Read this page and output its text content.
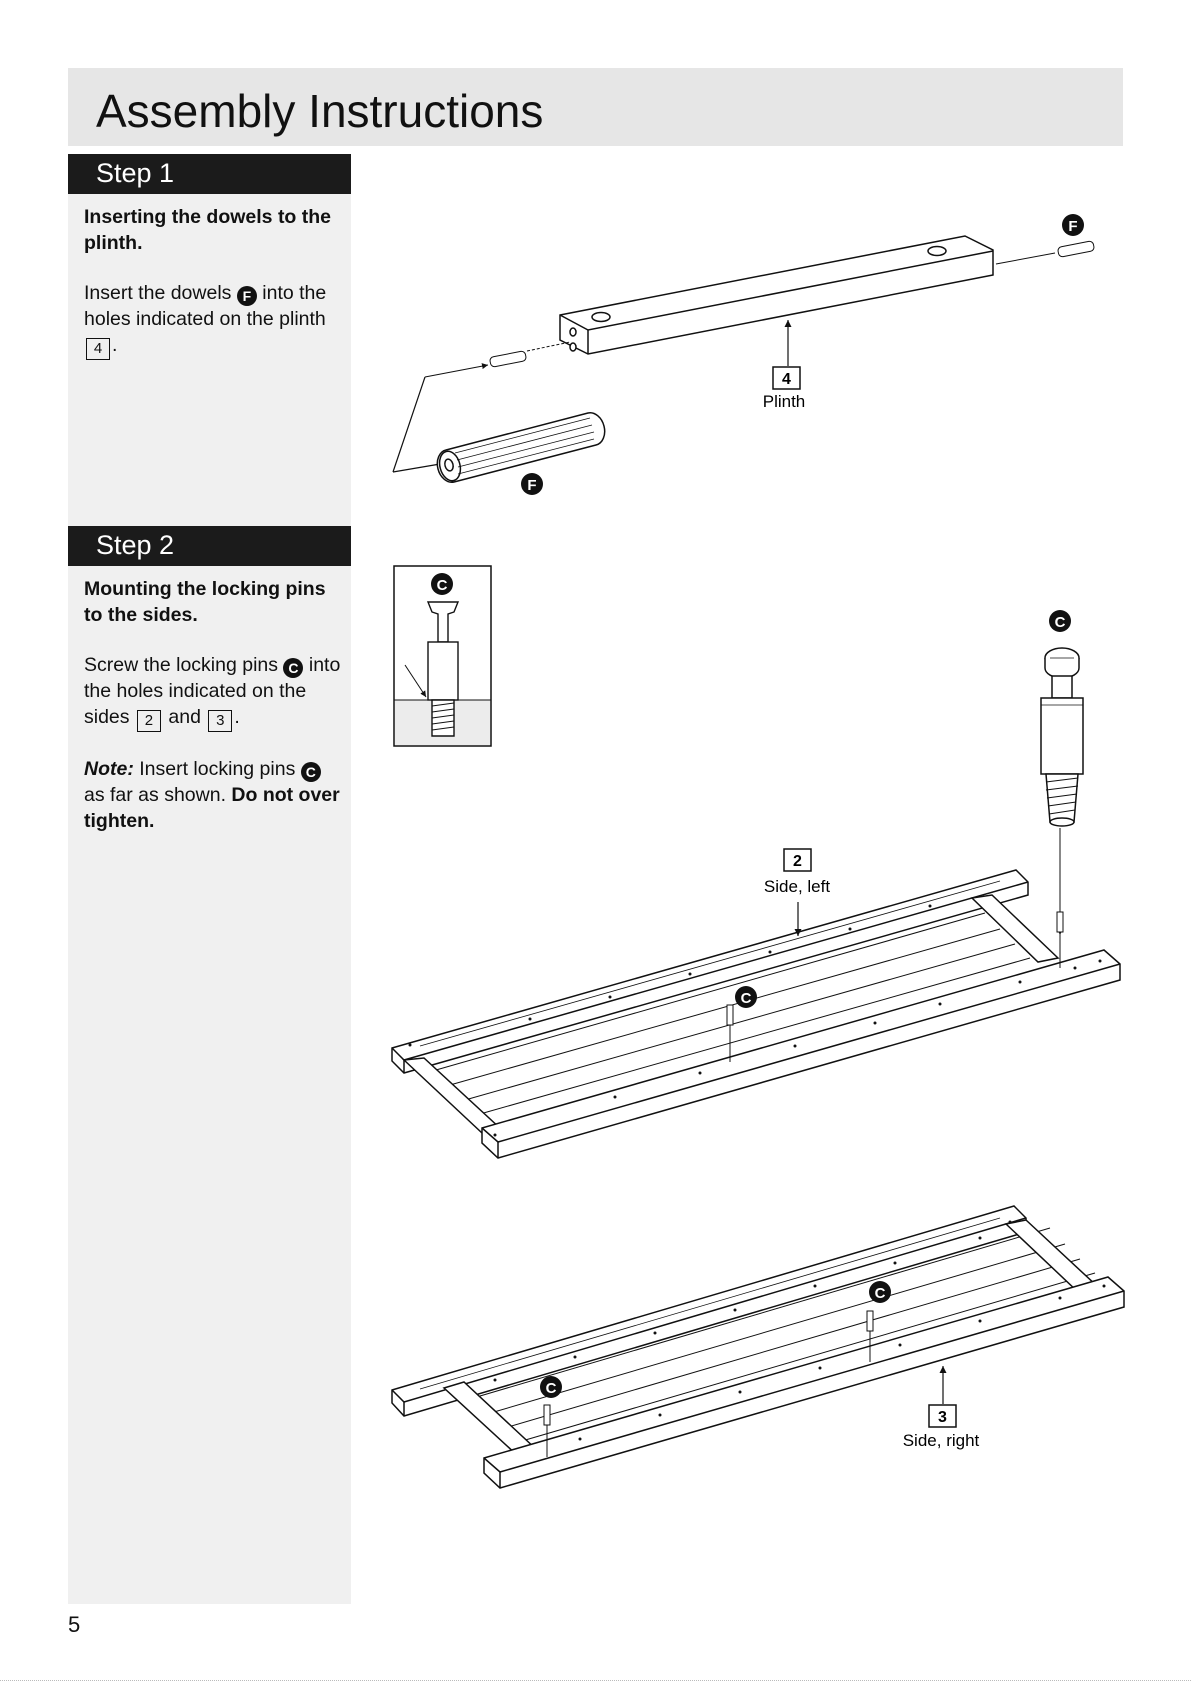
Assembly Instructions
Step 1

Inserting the dowels to the plinth.

Insert the dowels F into the holes indicated on the plinth 4 .

Step 2

Mounting the locking pins to the sides.

Screw the locking pins C into the holes indicated on the sides 2 and 3 .

Note: Insert locking pins C as far as shown. Do not over tighten.

5
4
Plinth
F
F
C
C
C
2
Side, left
C
C
3
Side, right
